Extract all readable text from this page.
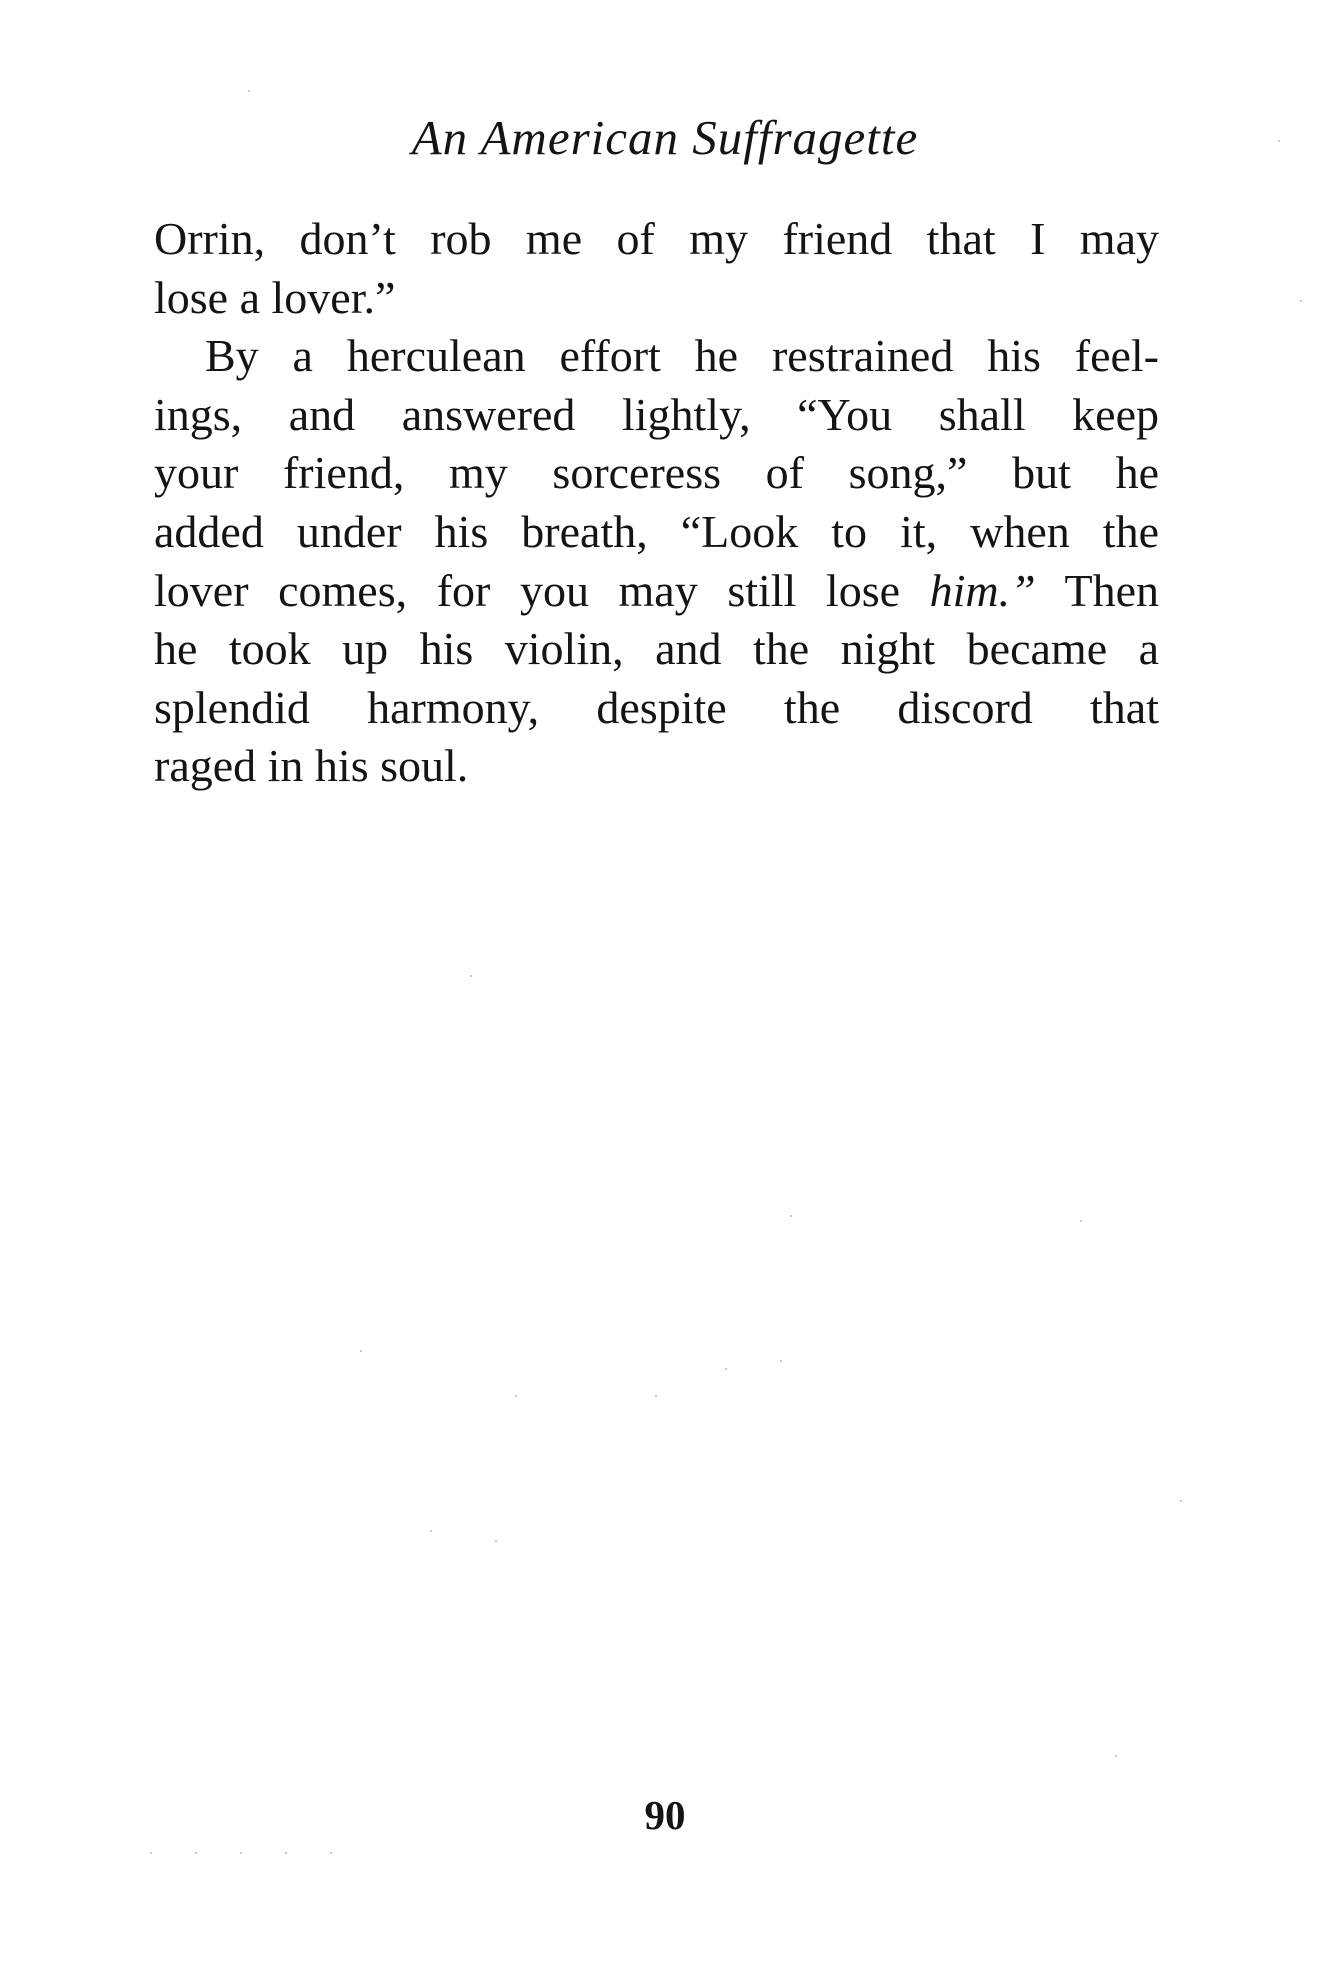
An American Suffragette

Orrin, don’t rob me of my friend that I may
lose a lover.”

By a herculean effort he restrained his feel-
ings, and answered lightly, “You shall keep
your friend, my sorceress of song,” but he
added under his breath, “Look to it, when the
lover comes, for you may still lose him.” Then
he took up his violin, and the night became a
splendid harmony, despite the discord that
raged in his soul.

90
